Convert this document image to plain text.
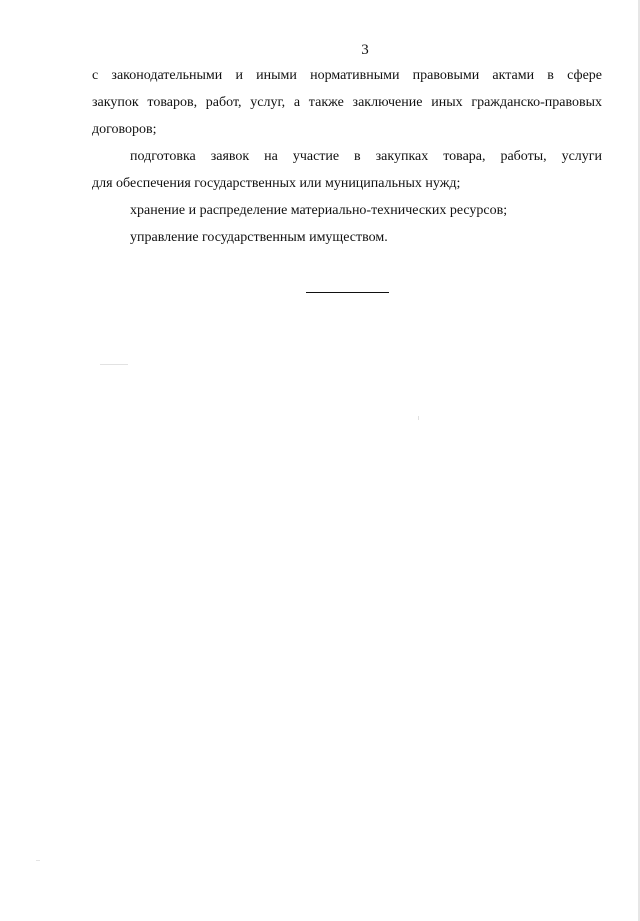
3
с законодательными и иными нормативными правовыми актами в сфере
закупок товаров, работ, услуг, а также заключение иных гражданско-правовых
договоров;
подготовка заявок на участие в закупках товара, работы, услуги
для обеспечения государственных или муниципальных нужд;
хранение и распределение материально-технических ресурсов;
управление государственным имуществом.
